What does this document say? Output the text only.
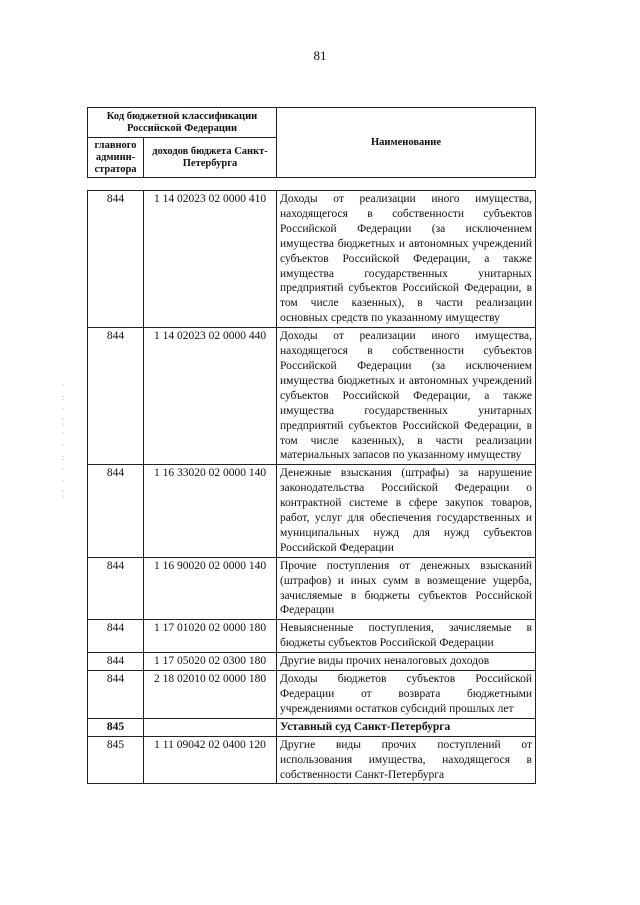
81
Код бюджетной классификации Российской Федерации		Наименование
главного админи-стратора	доходов бюджета Санкт-Петербурга	
844	1 14 02023 02 0000 410	Доходы от реализации иного имущества, находящегося в собственности субъектов Российской Федерации (за исключением имущества бюджетных и автономных учреждений субъектов Российской Федерации, а также имущества государственных унитарных предприятий субъектов Российской Федерации, в том числе казенных), в части реализации основных средств по указанному имуществу
844	1 14 02023 02 0000 440	Доходы от реализации иного имущества, находящегося в собственности субъектов Российской Федерации (за исключением имущества бюджетных и автономных учреждений субъектов Российской Федерации, а также имущества государственных унитарных предприятий субъектов Российской Федерации, в том числе казенных), в части реализации материальных запасов по указанному имуществу
844	1 16 33020 02 0000 140	Денежные взыскания (штрафы) за нарушение законодательства Российской Федерации о контрактной системе в сфере закупок товаров, работ, услуг для обеспечения государственных и муниципальных нужд для нужд субъектов Российской Федерации
844	1 16 90020 02 0000 140	Прочие поступления от денежных взысканий (штрафов) и иных сумм в возмещение ущерба, зачисляемые в бюджеты субъектов Российской Федерации
844	1 17 01020 02 0000 180	Невыясненные поступления, зачисляемые в бюджеты субъектов Российской Федерации
844	1 17 05020 02 0300 180	Другие виды прочих неналоговых доходов
844	2 18 02010 02 0000 180	Доходы бюджетов субъектов Российской Федерации от возврата бюджетными учреждениями остатков субсидий прошлых лет
845		Уставный суд Санкт-Петербурга
845	1 11 09042 02 0400 120	Другие виды прочих поступлений от использования имущества, находящегося в собственности Санкт-Петербурга
·
:
·
¦
·
·
:
·
·
¦
